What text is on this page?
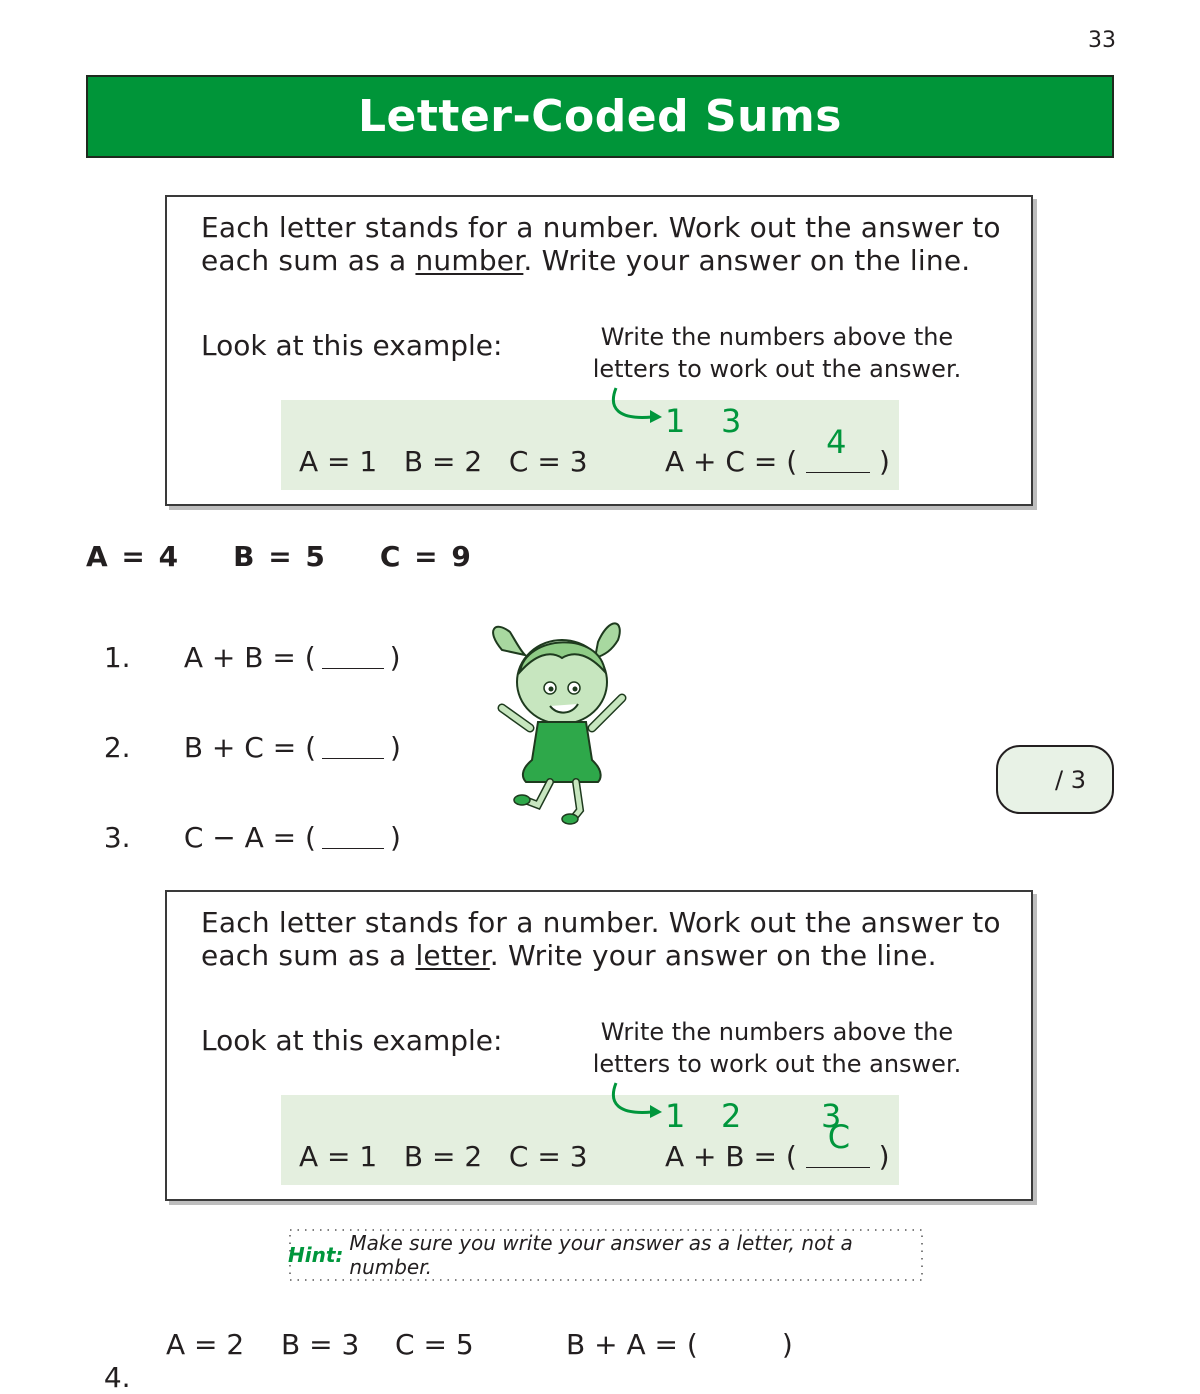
33
Letter-Coded Sums
Each letter stands for a number. Work out the answer to each sum as a number. Write your answer on the line.
Look at this example:	Write the numbers above the letters to work out the answer.
A = 1   B = 2   C = 3
1 3
A + C = (
4
)
A = 4    B = 5    C = 9

1. A + B = (	)

2. B + C = (	)

3. C − A = (	)

/ 3
Each letter stands for a number. Work out the answer to each sum as a letter. Write your answer on the line.
Look at this example:	Write the numbers above the letters to work out the answer.
A = 1   B = 2   C = 3
1 2 3
A + B = (
C
)
Hint: Make sure you write your answer as a letter, not a number.

4.

A = 2 B = 3 C = 5	B + A = (	)
